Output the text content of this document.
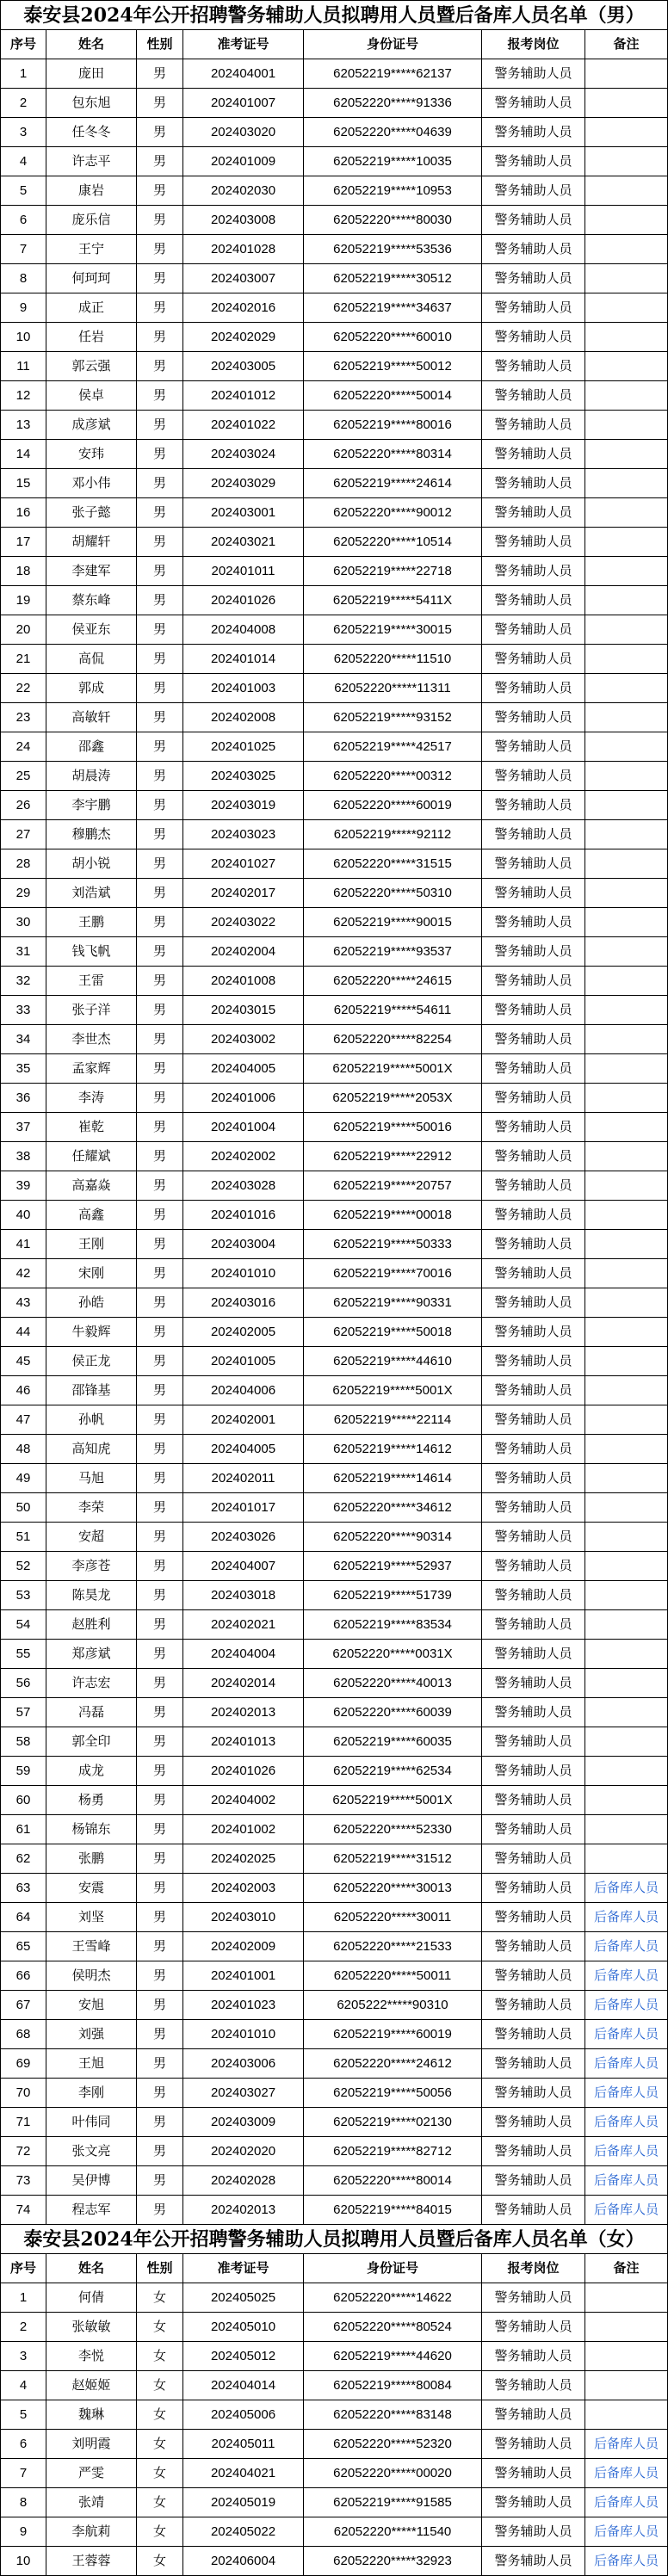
泰安县2024年公开招聘警务辅助人员拟聘用人员暨后备库人员名单（男）						
序号	姓名	性别	准考证号	身份证号	报考岗位	备注
1	庞田	男	202404001	62052219*****62137	警务辅助人员	
2	包东旭	男	202401007	62052220*****91336	警务辅助人员	
3	任冬冬	男	202403020	62052220*****04639	警务辅助人员	
4	许志平	男	202401009	62052219*****10035	警务辅助人员	
5	康岩	男	202402030	62052219*****10953	警务辅助人员	
6	庞乐信	男	202403008	62052220*****80030	警务辅助人员	
7	王宁	男	202401028	62052219*****53536	警务辅助人员	
8	何珂珂	男	202403007	62052219*****30512	警务辅助人员	
9	成正	男	202402016	62052219*****34637	警务辅助人员	
10	任岩	男	202402029	62052220*****60010	警务辅助人员	
11	郭云强	男	202403005	62052219*****50012	警务辅助人员	
12	侯卓	男	202401012	62052220*****50014	警务辅助人员	
13	成彦斌	男	202401022	62052219*****80016	警务辅助人员	
14	安玮	男	202403024	62052220*****80314	警务辅助人员	
15	邓小伟	男	202403029	62052219*****24614	警务辅助人员	
16	张子懿	男	202403001	62052220*****90012	警务辅助人员	
17	胡耀轩	男	202403021	62052220*****10514	警务辅助人员	
18	李建军	男	202401011	62052219*****22718	警务辅助人员	
19	蔡东峰	男	202401026	62052219*****5411X	警务辅助人员	
20	侯亚东	男	202404008	62052219*****30015	警务辅助人员	
21	高侃	男	202401014	62052220*****11510	警务辅助人员	
22	郭成	男	202401003	62052220*****11311	警务辅助人员	
23	高敏轩	男	202402008	62052219*****93152	警务辅助人员	
24	邵鑫	男	202401025	62052219*****42517	警务辅助人员	
25	胡晨涛	男	202403025	62052220*****00312	警务辅助人员	
26	李宇鹏	男	202403019	62052220*****60019	警务辅助人员	
27	穆鹏杰	男	202403023	62052219*****92112	警务辅助人员	
28	胡小锐	男	202401027	62052220*****31515	警务辅助人员	
29	刘浩斌	男	202402017	62052220*****50310	警务辅助人员	
30	王鹏	男	202403022	62052219*****90015	警务辅助人员	
31	钱飞帆	男	202402004	62052219*****93537	警务辅助人员	
32	王雷	男	202401008	62052220*****24615	警务辅助人员	
33	张子洋	男	202403015	62052219*****54611	警务辅助人员	
34	李世杰	男	202403002	62052220*****82254	警务辅助人员	
35	孟家辉	男	202404005	62052219*****5001X	警务辅助人员	
36	李涛	男	202401006	62052219*****2053X	警务辅助人员	
37	崔乾	男	202401004	62052219*****50016	警务辅助人员	
38	任耀斌	男	202402002	62052219*****22912	警务辅助人员	
39	高嘉焱	男	202403028	62052219*****20757	警务辅助人员	
40	高鑫	男	202401016	62052219*****00018	警务辅助人员	
41	王刚	男	202403004	62052219*****50333	警务辅助人员	
42	宋刚	男	202401010	62052219*****70016	警务辅助人员	
43	孙皓	男	202403016	62052219*****90331	警务辅助人员	
44	牛毅辉	男	202402005	62052219*****50018	警务辅助人员	
45	侯正龙	男	202401005	62052219*****44610	警务辅助人员	
46	邵锋基	男	202404006	62052219*****5001X	警务辅助人员	
47	孙帆	男	202402001	62052219*****22114	警务辅助人员	
48	高知虎	男	202404005	62052219*****14612	警务辅助人员	
49	马旭	男	202402011	62052219*****14614	警务辅助人员	
50	李荣	男	202401017	62052220*****34612	警务辅助人员	
51	安超	男	202403026	62052220*****90314	警务辅助人员	
52	李彦苍	男	202404007	62052219*****52937	警务辅助人员	
53	陈昊龙	男	202403018	62052219*****51739	警务辅助人员	
54	赵胜利	男	202402021	62052219*****83534	警务辅助人员	
55	郑彦斌	男	202404004	62052220*****0031X	警务辅助人员	
56	许志宏	男	202402014	62052220*****40013	警务辅助人员	
57	冯磊	男	202402013	62052220*****60039	警务辅助人员	
58	郭全印	男	202401013	62052219*****60035	警务辅助人员	
59	成龙	男	202401026	62052219*****62534	警务辅助人员	
60	杨勇	男	202404002	62052219*****5001X	警务辅助人员	
61	杨锦东	男	202401002	62052220*****52330	警务辅助人员	
62	张鹏	男	202402025	62052219*****31512	警务辅助人员	
63	安震	男	202402003	62052220*****30013	警务辅助人员	后备库人员
64	刘坚	男	202403010	62052220*****30011	警务辅助人员	后备库人员
65	王雪峰	男	202402009	62052220*****21533	警务辅助人员	后备库人员
66	侯明杰	男	202401001	62052220*****50011	警务辅助人员	后备库人员
67	安旭	男	202401023	6205222*****90310	警务辅助人员	后备库人员
68	刘强	男	202401010	62052219*****60019	警务辅助人员	后备库人员
69	王旭	男	202403006	62052220*****24612	警务辅助人员	后备库人员
70	李刚	男	202403027	62052219*****50056	警务辅助人员	后备库人员
71	叶伟同	男	202403009	62052219*****02130	警务辅助人员	后备库人员
72	张文亮	男	202402020	62052219*****82712	警务辅助人员	后备库人员
73	吴伊博	男	202402028	62052220*****80014	警务辅助人员	后备库人员
74	程志军	男	202402013	62052219*****84015	警务辅助人员	后备库人员
泰安县2024年公开招聘警务辅助人员拟聘用人员暨后备库人员名单（女）						
序号	姓名	性别	准考证号	身份证号	报考岗位	备注
1	何倩	女	202405025	62052220*****14622	警务辅助人员	
2	张敏敏	女	202405010	62052220*****80524	警务辅助人员	
3	李悦	女	202405012	62052219*****44620	警务辅助人员	
4	赵姬姬	女	202404014	62052219*****80084	警务辅助人员	
5	魏琳	女	202405006	62052220*****83148	警务辅助人员	
6	刘明霞	女	202405011	62052220*****52320	警务辅助人员	后备库人员
7	严雯	女	202404021	62052220*****00020	警务辅助人员	后备库人员
8	张靖	女	202405019	62052219*****91585	警务辅助人员	后备库人员
9	李航莉	女	202405022	62052220*****11540	警务辅助人员	后备库人员
10	王蓉蓉	女	202406004	62052220*****32923	警务辅助人员	后备库人员
